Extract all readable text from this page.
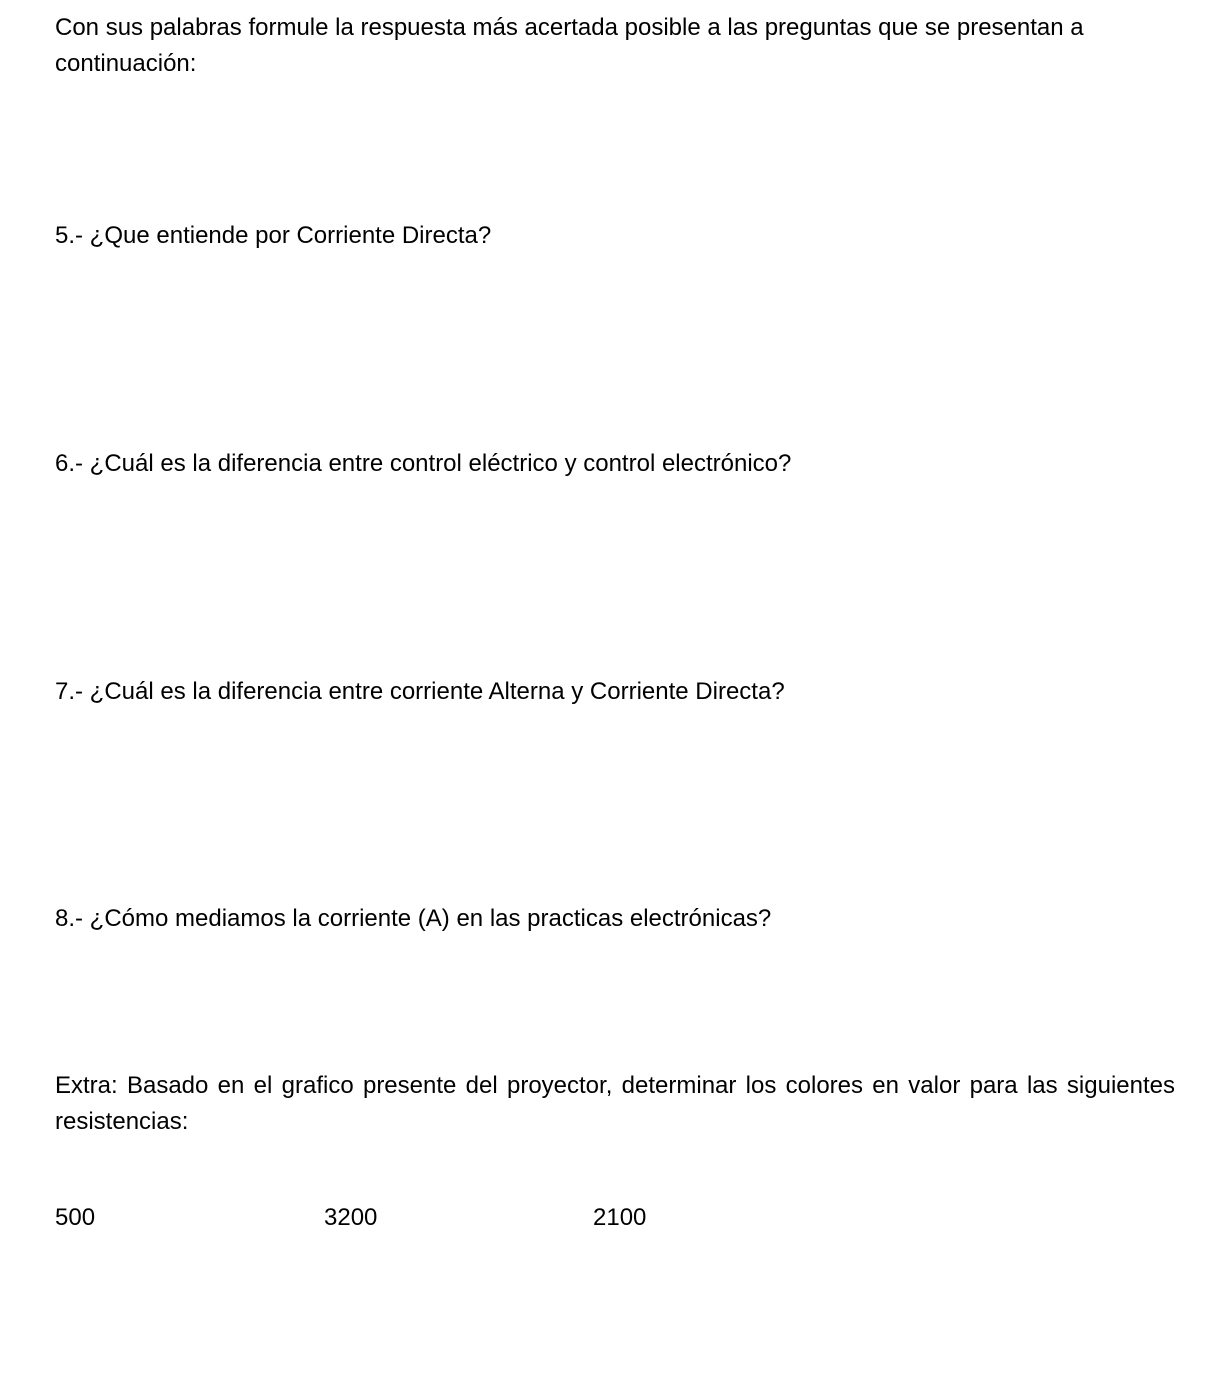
Con sus palabras formule la respuesta más acertada posible a las preguntas que se presentan a continuación:
5.- ¿Que entiende por Corriente Directa?
6.- ¿Cuál es la diferencia entre control eléctrico y control electrónico?
7.- ¿Cuál es la diferencia entre corriente Alterna y Corriente Directa?
8.- ¿Cómo mediamos la corriente (A) en las practicas electrónicas?
Extra: Basado en el grafico presente del proyector, determinar los colores en valor para las siguientes resistencias:
500	3200	2100
